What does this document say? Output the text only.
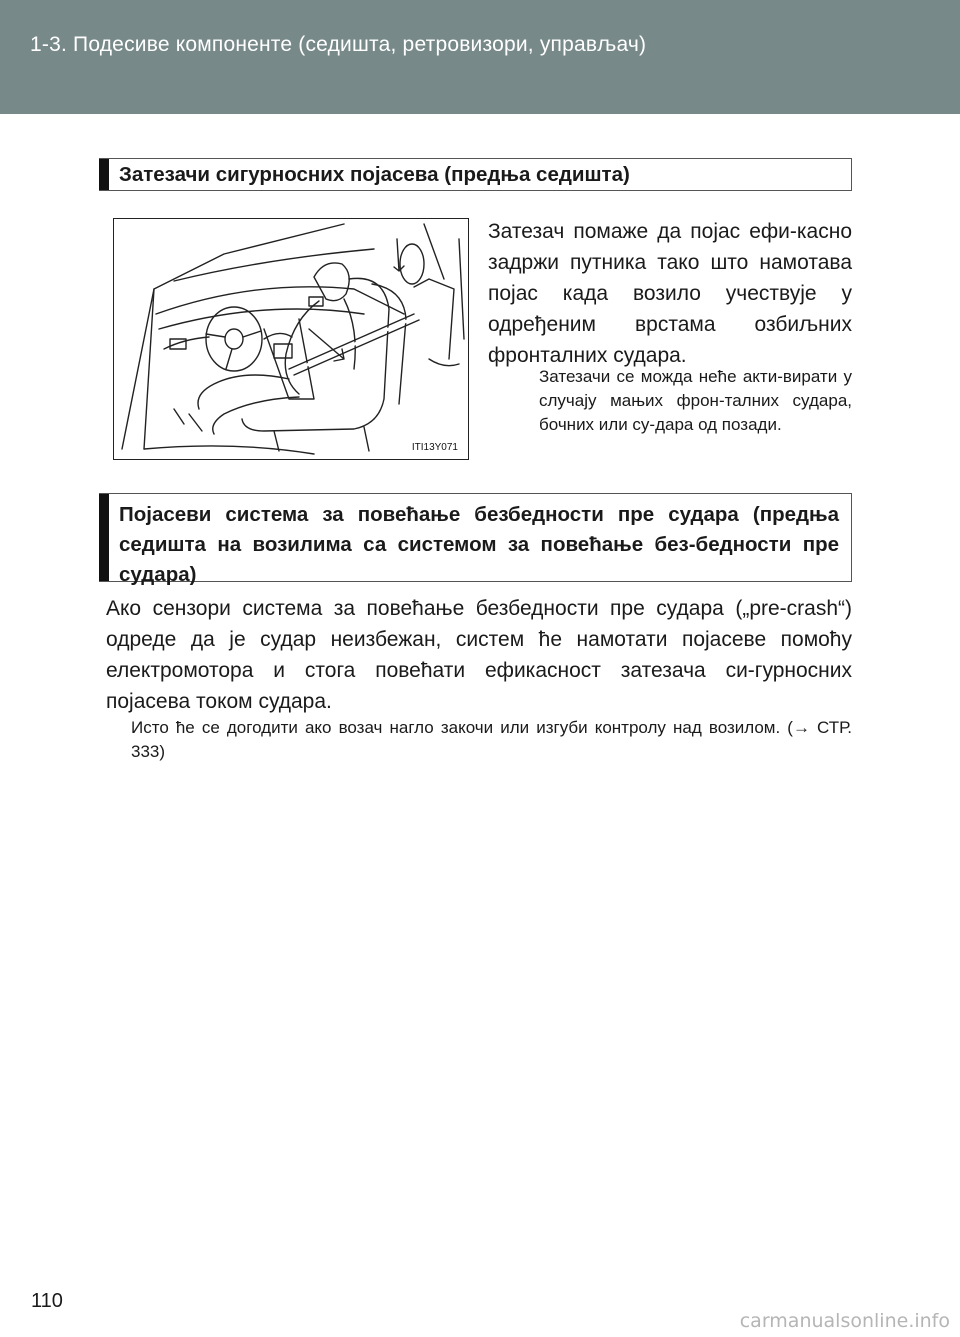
1-3. Подесиве компоненте (седишта, ретровизори, управљач)
Затезачи сигурносних појасева (предња седишта)
ITI13Y071

Затезач помаже да појас ефи-касно задржи путника тако што намотава појас када возило учествује у одређеним врстама озбиљних фронталних судара.

Затезачи се можда неће акти-вирати у случају мањих фрон-талних судара, бочних или су-дара од позади.

Појасеви система за повећање безбедности пре судара (предња седишта на возилима са системом за повећање без-бедности пре судара)

Ако сензори система за повећање безбедности пре судара („pre-crash“) одреде да је судар неизбежан, систем ће намотати појасеве помоћу електромотора и стога повећати ефикасност затезача си-гурносних појасева током судара.

Исто ће се догодити ако возач нагло закочи или изгуби контролу над возилом. (→ СТР. 333)

110
carmanualsonline.info
